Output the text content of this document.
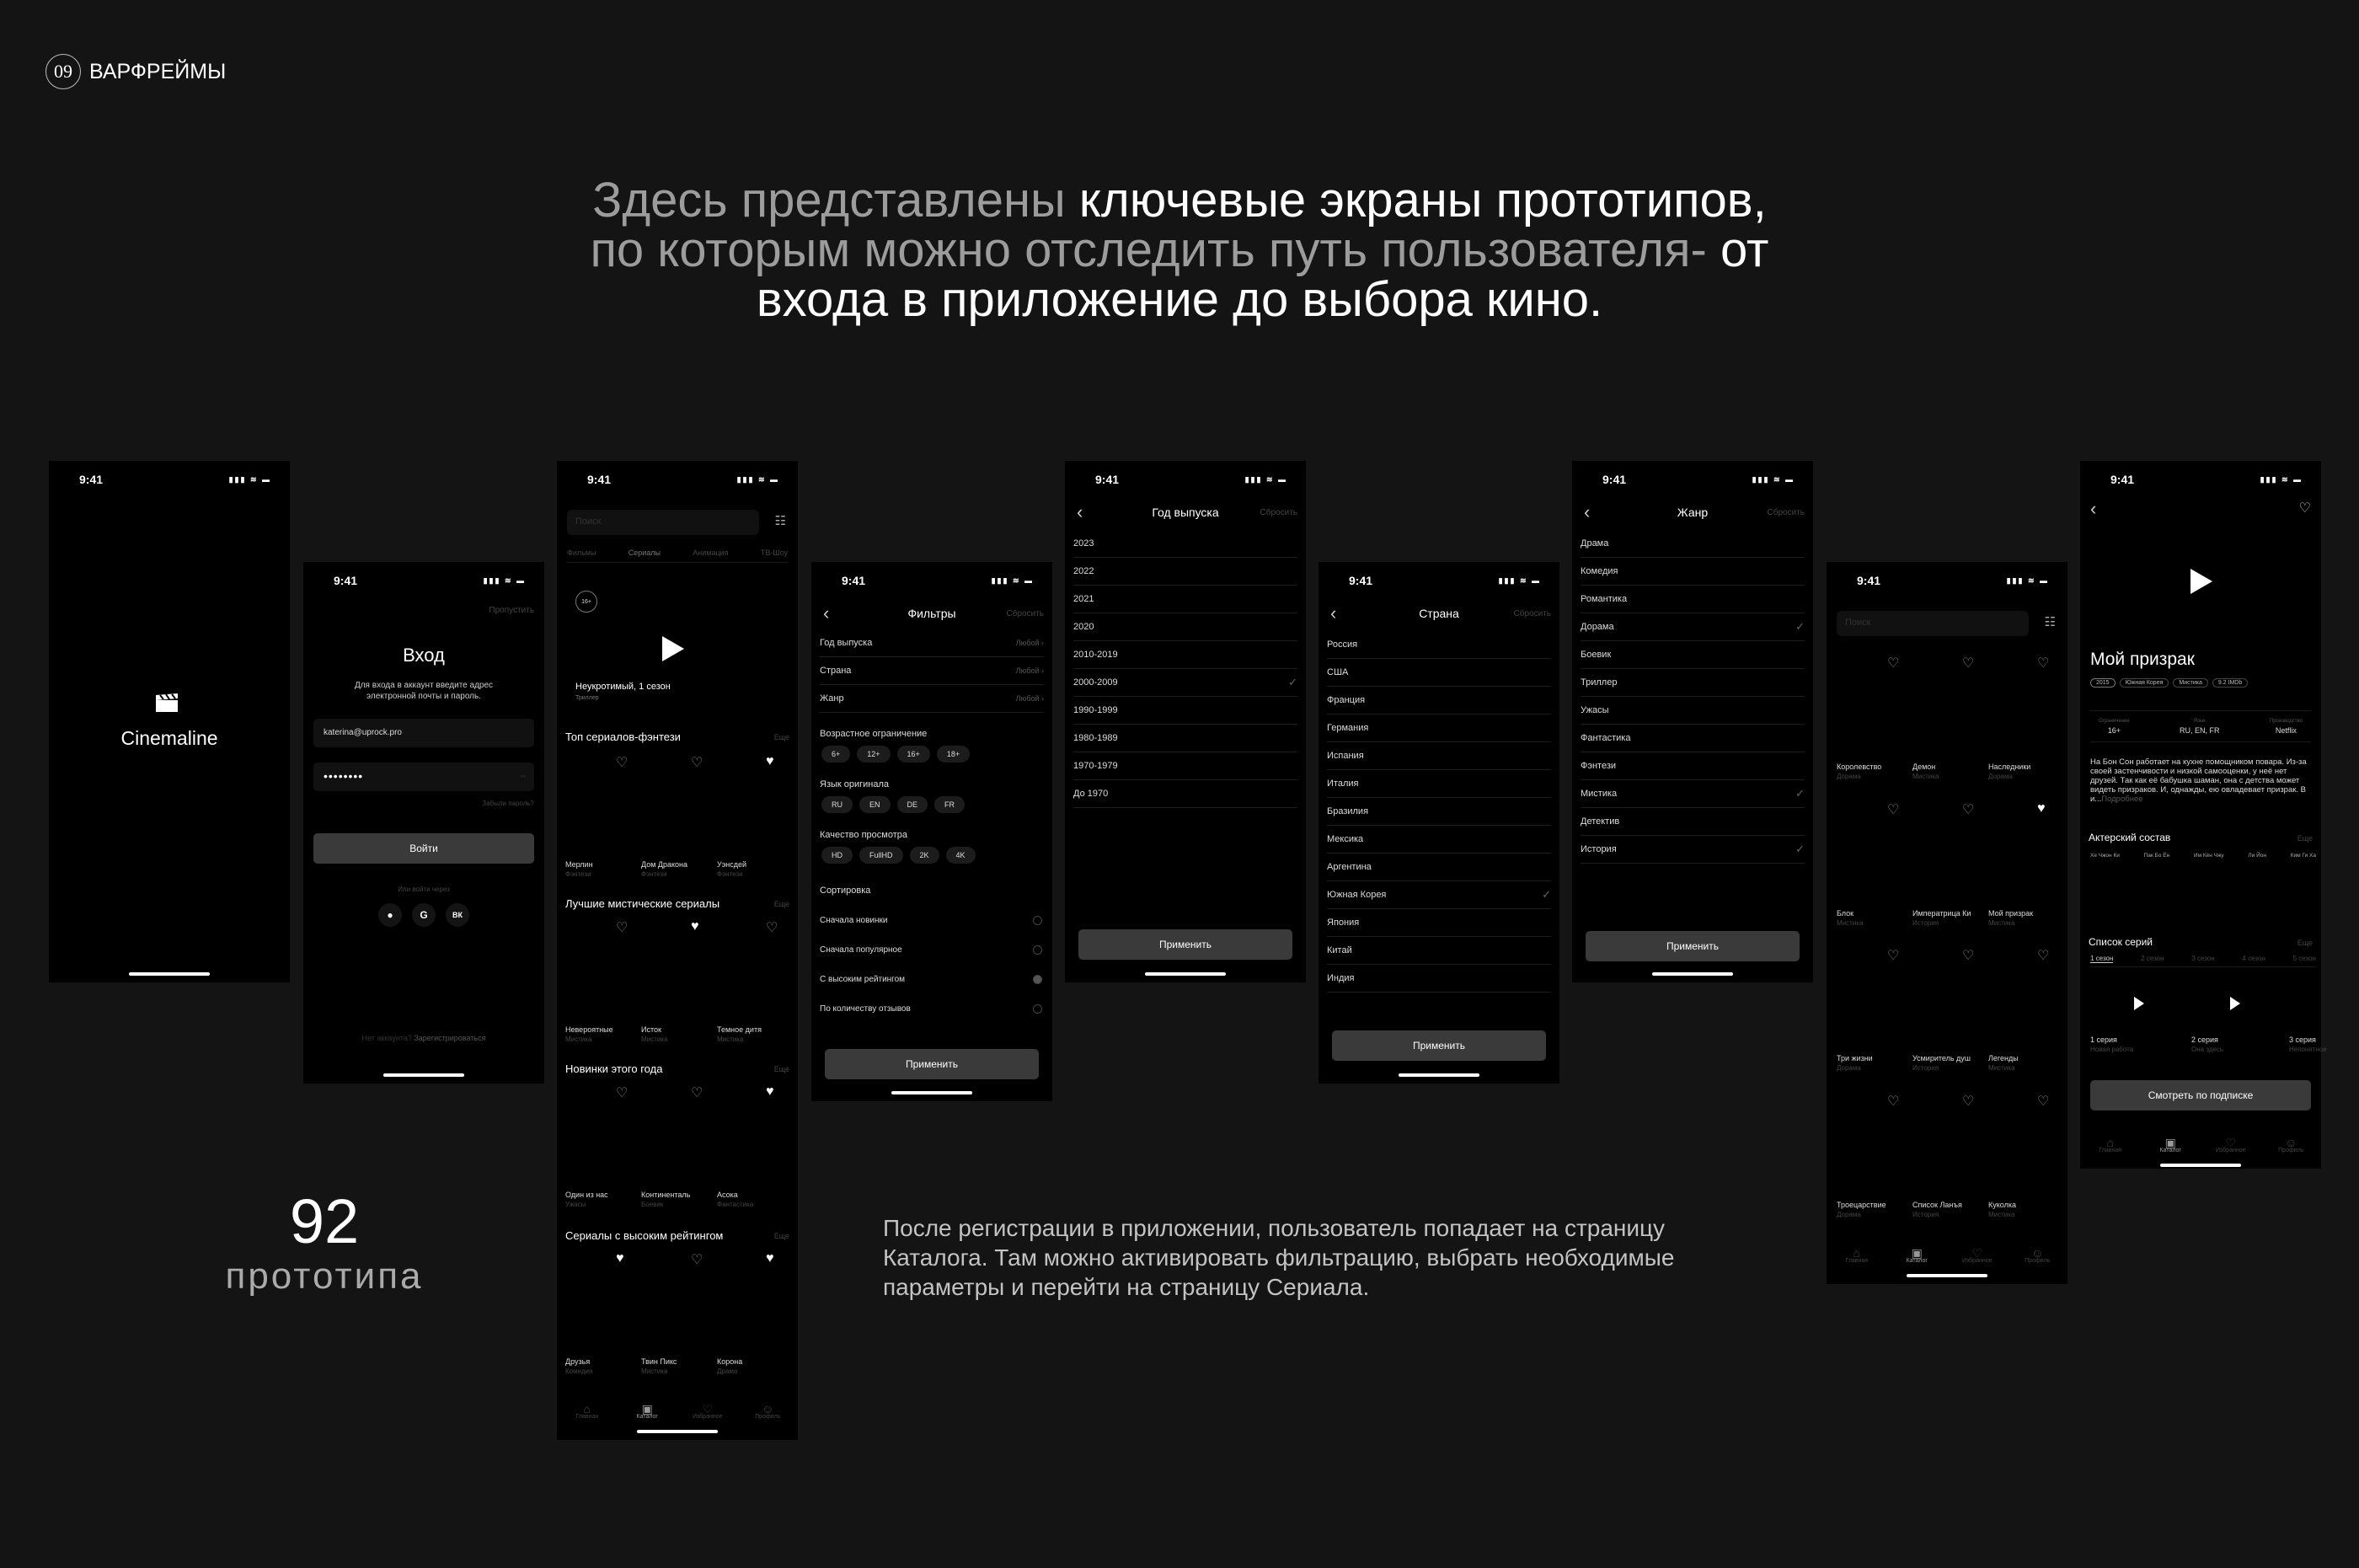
09 ВАРФРЕЙМЫ
Здесь представлены ключевые экраны прототипов,
по которым можно отследить путь пользователя- от
входа в приложение до выбора кино.
92
прототипа
После регистрации в приложении, пользователь попадает на страницу Каталога. Там можно активировать фильтрацию, выбрать необходимые параметры и перейти на страницу Сериала.
9:41	▮▮▮ ≋ ▬
Cinemaline
9:41	▮▮▮ ≋ ▬
Пропустить
Вход
Для входа в аккаунт введите адрес электронной почты и пароль.
katerina@uprock.pro
••••••••	◦◦
Забыли пароль?
Войти
Или войти через
●	G	ВК
Нет аккаунта? Зарегистрироваться
9:41	▮▮▮ ≋ ▬
Поиск	☷
Фильмы	Сериалы	Анимация	ТВ-Шоу
16+
Неукротимый, 1 сезон
Триллер
Топ сериалов-фэнтези	Еще
♡	♡	♥
Мерлин
Фэнтези
Дом Дракона
Фэнтези
Уэнсдей
Фэнтези
Лучшие мистические сериалы	Еще
♡	♥	♡
Невероятные
Мистика
Исток
Мистика
Темное дитя
Мистика
Новинки этого года	Еще
♡	♡	♥
Один из нас
Ужасы
Континенталь
Боевик
Асока
Фантастика
Сериалы с высоким рейтингом	Еще
♥	♡	♥
Друзья
Комедия
Твин Пикс
Мистика
Корона
Драма
⌂
Главная
▣
Каталог
♡
Избранное
☺
Профиль
9:41	▮▮▮ ≋ ▬
‹	Фильтры	Сбросить
Год выпуска	Любой ›
Страна	Любой ›
Жанр	Любой ›
Возрастное ограничение
6+	12+	16+	18+
Язык оригинала
RU	EN	DE	FR
Качество просмотра
HD	FullHD	2K	4K
Сортировка
Сначала новинки
Сначала популярное
С высоким рейтингом
По количеству отзывов
Применить
9:41	▮▮▮ ≋ ▬
‹	Год выпуска	Сбросить
2023
2022
2021
2020
2010-2019
2000-2009	✓
1990-1999
1980-1989
1970-1979
До 1970
Применить
9:41	▮▮▮ ≋ ▬
‹	Страна	Сбросить
Россия
США
Франция
Германия
Испания
Италия
Бразилия
Мексика
Аргентина
Южная Корея	✓
Япония
Китай
Индия
Применить
9:41	▮▮▮ ≋ ▬
‹	Жанр	Сбросить
Драма
Комедия
Романтика
Дорама	✓
Боевик
Триллер
Ужасы
Фантастика
Фэнтези
Мистика	✓
Детектив
История	✓
Применить
9:41	▮▮▮ ≋ ▬
Поиск	☷
♡	♡	♡
Королевство
Дорама
Демон
Мистика
Наследники
Дорама
♡	♡	♥
Блок
Мистика
Императрица Ки
История
Мой призрак
Мистика
♡	♡	♡
Три жизни
Дорама
Усмиритель душ
История
Легенды
Мистика
♡	♡	♡
Троецарствие
Дорама
Список Ланъя
История
Куколка
Мистика
⌂
Главная
▣
Каталог
♡
Избранное
☺
Профиль
9:41	▮▮▮ ≋ ▬
‹	♡
Мой призрак
2015	Южная Корея	Мистика	9.2 IMDb
Ограничение
16+
Язык
RU, EN, FR
Производство
Netflix
На Бон Сон работает на кухне помощником повара. Из-за своей застенчивости и низкой самооценки, у неё нет друзей. Так как её бабушка шаман, она с детства может видеть призраков. И, однажды, ею овладевает призрак. В и...Подробнее
Актерский состав	Еще
Хе Чжон Ки	Пак Бо Ён	Им Кён Чжу	Ли Йон	Ким Ги Ха
Список серий	Еще
1 сезон	2 сезон	3 сезон	4 сезон	5 сезон
1 серия
Новая работа
2 серия
Она здесь
3 серия
Непонятное
Смотреть по подписке
⌂
Главная
▣
Каталог
♡
Избранное
☺
Профиль
